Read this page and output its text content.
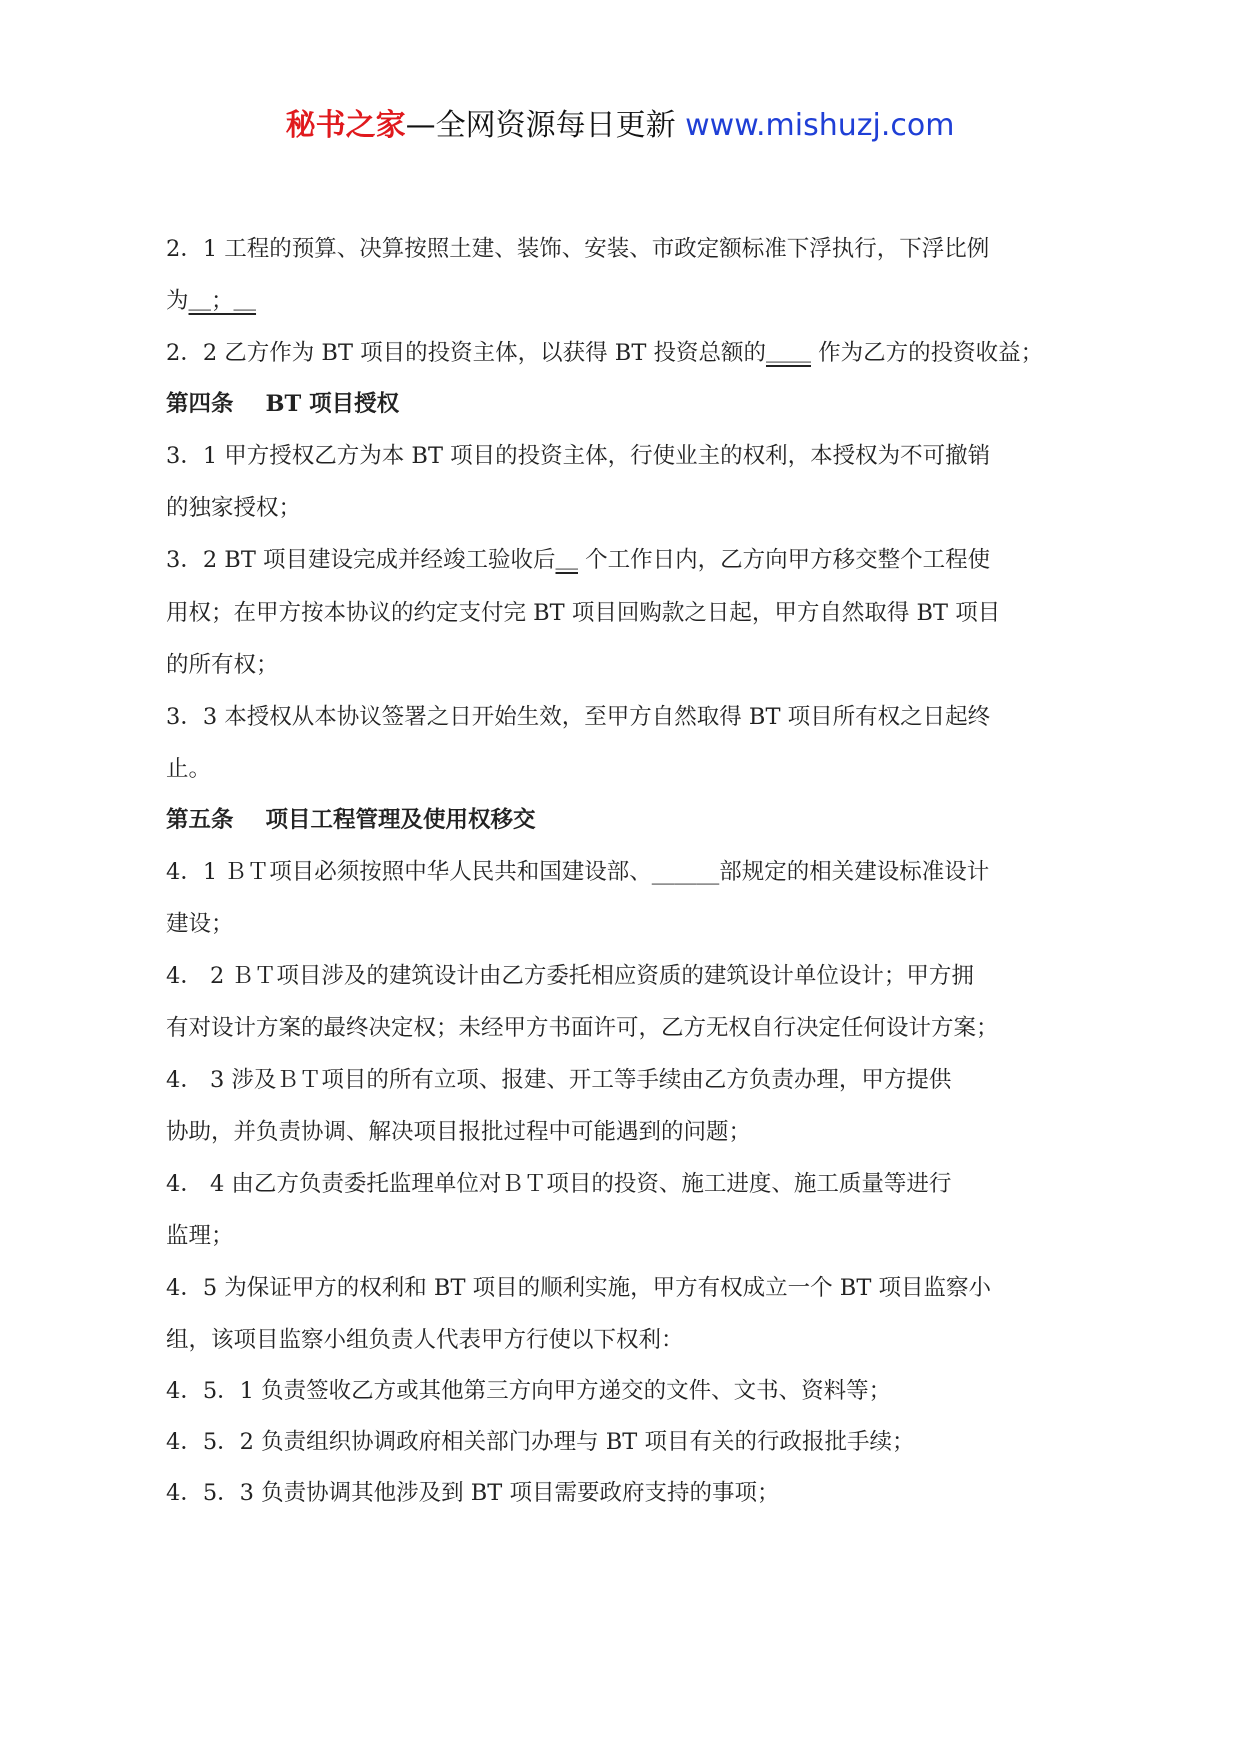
秘书之家—全网资源每日更新 www.mishuzj.com
2．1 工程的预算、决算按照土建、装饰、安装、市政定额标准下浮执行，下浮比例
为＿；＿
2．2 乙方作为 BT 项目的投资主体，以获得 BT 投资总额的＿＿ 作为乙方的投资收益；
第四条 BT 项目授权
3．1 甲方授权乙方为本 BT 项目的投资主体，行使业主的权利，本授权为不可撤销
的独家授权；
3．2 BT 项目建设完成并经竣工验收后＿ 个工作日内，乙方向甲方移交整个工程使
用权；在甲方按本协议的约定支付完 BT 项目回购款之日起，甲方自然取得 BT 项目
的所有权；
3．3 本授权从本协议签署之日开始生效，至甲方自然取得 BT 项目所有权之日起终
止。
第五条 项目工程管理及使用权移交
4．1 ＢＴ项目必须按照中华人民共和国建设部、______部规定的相关建设标准设计
建设；
4． 2 ＢＴ项目涉及的建筑设计由乙方委托相应资质的建筑设计单位设计；甲方拥
有对设计方案的最终决定权；未经甲方书面许可，乙方无权自行决定任何设计方案；
4． 3 涉及ＢＴ项目的所有立项、报建、开工等手续由乙方负责办理，甲方提供
协助，并负责协调、解决项目报批过程中可能遇到的问题；
4． 4 由乙方负责委托监理单位对ＢＴ项目的投资、施工进度、施工质量等进行
监理；
4．5 为保证甲方的权利和 BT 项目的顺利实施，甲方有权成立一个 BT 项目监察小
组，该项目监察小组负责人代表甲方行使以下权利：
4．5．1 负责签收乙方或其他第三方向甲方递交的文件、文书、资料等；
4．5．2 负责组织协调政府相关部门办理与 BT 项目有关的行政报批手续；
4．5．3 负责协调其他涉及到 BT 项目需要政府支持的事项；
